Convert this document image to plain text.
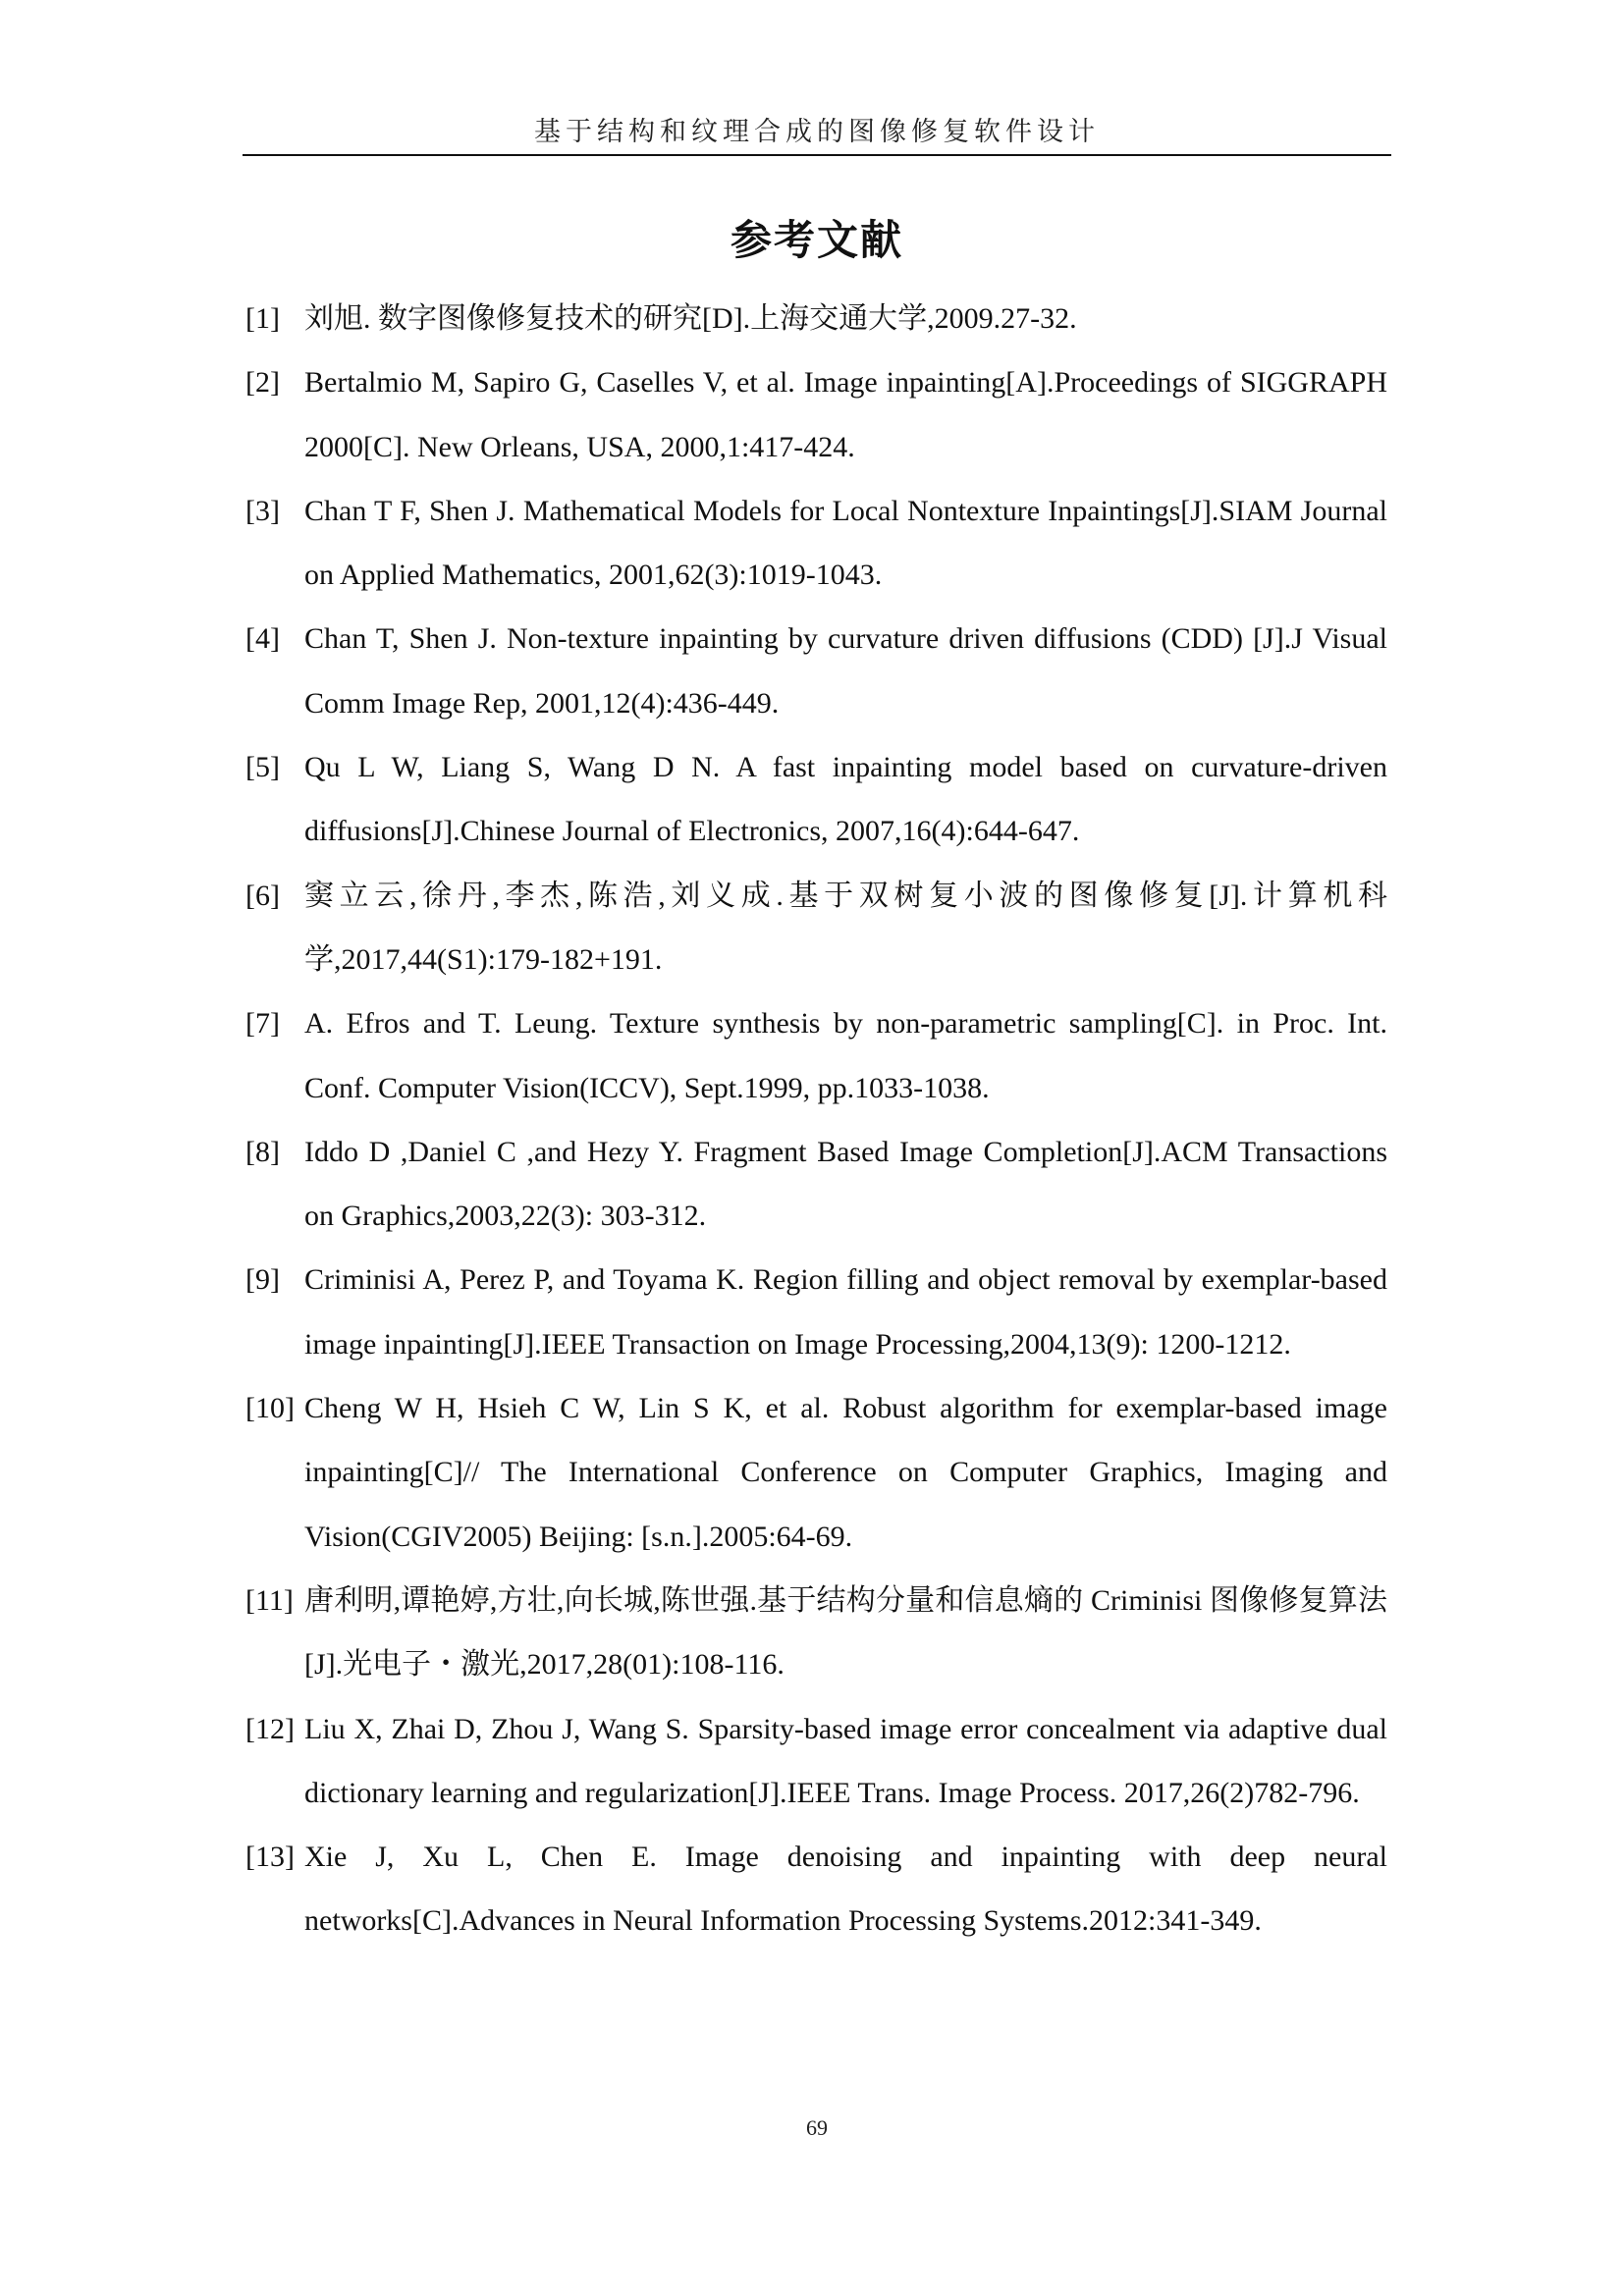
基于结构和纹理合成的图像修复软件设计
参考文献
[1] 刘旭. 数字图像修复技术的研究[D].上海交通大学,2009.27-32.
[2] Bertalmio M, Sapiro G, Caselles V, et al. Image inpainting[A].Proceedings of SIGGRAPH 2000[C]. New Orleans, USA, 2000,1:417-424.
[3] Chan T F, Shen J. Mathematical Models for Local Nontexture Inpaintings[J].SIAM Journal on Applied Mathematics, 2001,62(3):1019-1043.
[4] Chan T, Shen J. Non-texture inpainting by curvature driven diffusions (CDD) [J].J Visual Comm Image Rep, 2001,12(4):436-449.
[5] Qu L W, Liang S, Wang D N. A fast inpainting model based on curvature-driven diffusions[J].Chinese Journal of Electronics, 2007,16(4):644-647.
[6] 窦立云,徐丹,李杰,陈浩,刘义成.基于双树复小波的图像修复[J].计算机科学,2017,44(S1):179-182+191.
[7] A. Efros and T. Leung. Texture synthesis by non-parametric sampling[C]. in Proc. Int. Conf. Computer Vision(ICCV), Sept.1999, pp.1033-1038.
[8] Iddo D ,Daniel C ,and Hezy Y. Fragment Based Image Completion[J].ACM Transactions on Graphics,2003,22(3): 303-312.
[9] Criminisi A, Perez P, and Toyama K. Region filling and object removal by exemplar-based image inpainting[J].IEEE Transaction on Image Processing,2004,13(9): 1200-1212.
[10] Cheng W H, Hsieh C W, Lin S K, et al. Robust algorithm for exemplar-based image inpainting[C]// The International Conference on Computer Graphics, Imaging and Vision(CGIV2005) Beijing: [s.n.].2005:64-69.
[11] 唐利明,谭艳婷,方壮,向长城,陈世强.基于结构分量和信息熵的 Criminisi 图像修复算法[J].光电子・激光,2017,28(01):108-116.
[12] Liu X, Zhai D, Zhou J, Wang S. Sparsity-based image error concealment via adaptive dual dictionary learning and regularization[J].IEEE Trans. Image Process. 2017,26(2)782-796.
[13] Xie J, Xu L, Chen E. Image denoising and inpainting with deep neural networks[C].Advances in Neural Information Processing Systems.2012:341-349.
69
